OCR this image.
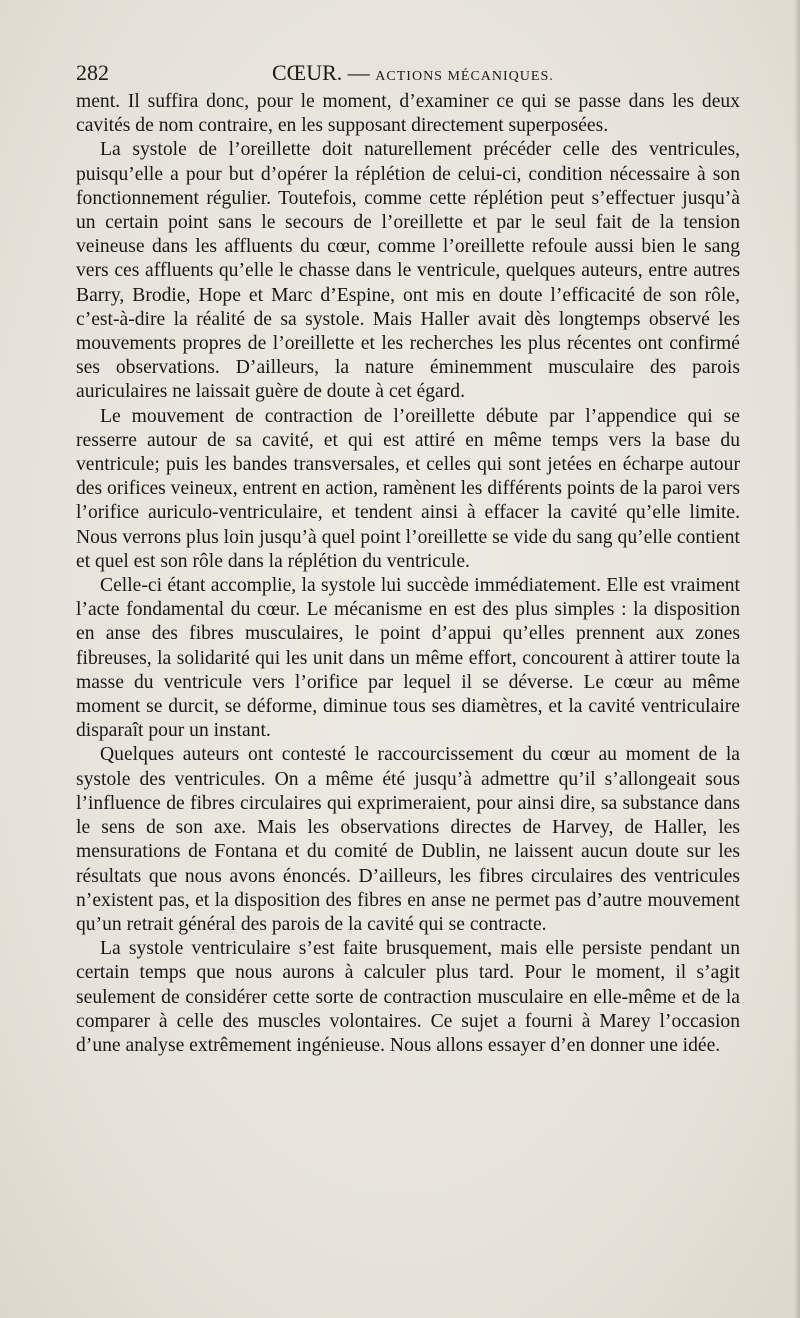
282	CŒUR. — ACTIONS MÉCANIQUES.

ment. Il suffira donc, pour le moment, d’examiner ce qui se passe dans les deux cavités de nom contraire, en les supposant directement superposées.

La systole de l’oreillette doit naturellement précéder celle des ventricules, puisqu’elle a pour but d’opérer la réplétion de celui-ci, condition nécessaire à son fonctionnement régulier. Toutefois, comme cette réplétion peut s’effectuer jusqu’à un certain point sans le secours de l’oreillette et par le seul fait de la tension veineuse dans les affluents du cœur, comme l’oreillette refoule aussi bien le sang vers ces affluents qu’elle le chasse dans le ventricule, quelques auteurs, entre autres Barry, Brodie, Hope et Marc d’Espine, ont mis en doute l’efficacité de son rôle, c’est-à-dire la réalité de sa systole. Mais Haller avait dès longtemps observé les mouvements propres de l’oreillette et les recherches les plus récentes ont confirmé ses observations. D’ailleurs, la nature éminemment musculaire des parois auriculaires ne laissait guère de doute à cet égard.

Le mouvement de contraction de l’oreillette débute par l’appendice qui se resserre autour de sa cavité, et qui est attiré en même temps vers la base du ventricule; puis les bandes transversales, et celles qui sont jetées en écharpe autour des orifices veineux, entrent en action, ramènent les différents points de la paroi vers l’orifice auriculo-ventriculaire, et tendent ainsi à effacer la cavité qu’elle limite. Nous verrons plus loin jusqu’à quel point l’oreillette se vide du sang qu’elle contient et quel est son rôle dans la réplétion du ventricule.

Celle-ci étant accomplie, la systole lui succède immédiatement. Elle est vraiment l’acte fondamental du cœur. Le mécanisme en est des plus simples : la disposition en anse des fibres musculaires, le point d’appui qu’elles prennent aux zones fibreuses, la solidarité qui les unit dans un même effort, concourent à attirer toute la masse du ventricule vers l’orifice par lequel il se déverse. Le cœur au même moment se durcit, se déforme, diminue tous ses diamètres, et la cavité ventriculaire disparaît pour un instant.

Quelques auteurs ont contesté le raccourcissement du cœur au moment de la systole des ventricules. On a même été jusqu’à admettre qu’il s’allongeait sous l’influence de fibres circulaires qui exprimeraient, pour ainsi dire, sa substance dans le sens de son axe. Mais les observations directes de Harvey, de Haller, les mensurations de Fontana et du comité de Dublin, ne laissent aucun doute sur les résultats que nous avons énoncés. D’ailleurs, les fibres circulaires des ventricules n’existent pas, et la disposition des fibres en anse ne permet pas d’autre mouvement qu’un retrait général des parois de la cavité qui se contracte.

La systole ventriculaire s’est faite brusquement, mais elle persiste pendant un certain temps que nous aurons à calculer plus tard. Pour le moment, il s’agit seulement de considérer cette sorte de contraction musculaire en elle-même et de la comparer à celle des muscles volontaires. Ce sujet a fourni à Marey l’occasion d’une analyse extrêmement ingénieuse. Nous allons essayer d’en donner une idée.
